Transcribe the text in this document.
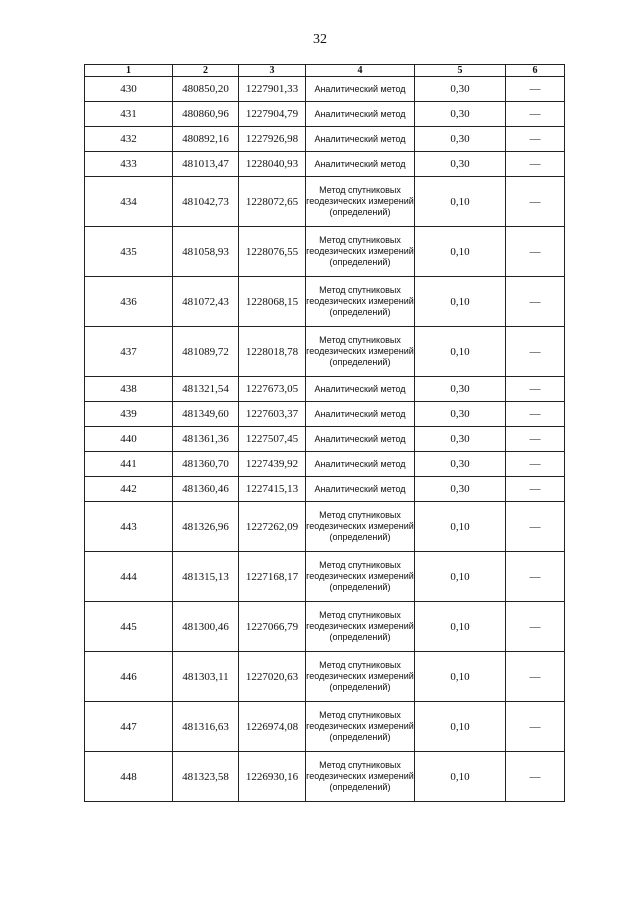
32
1	2	3	4	5	6
430	480850,20	1227901,33	Аналитический метод	0,30	—
431	480860,96	1227904,79	Аналитический метод	0,30	—
432	480892,16	1227926,98	Аналитический метод	0,30	—
433	481013,47	1228040,93	Аналитический метод	0,30	—
434	481042,73	1228072,65	Метод спутниковых геодезических измерений (определений)	0,10	—
435	481058,93	1228076,55	Метод спутниковых геодезических измерений (определений)	0,10	—
436	481072,43	1228068,15	Метод спутниковых геодезических измерений (определений)	0,10	—
437	481089,72	1228018,78	Метод спутниковых геодезических измерений (определений)	0,10	—
438	481321,54	1227673,05	Аналитический метод	0,30	—
439	481349,60	1227603,37	Аналитический метод	0,30	—
440	481361,36	1227507,45	Аналитический метод	0,30	—
441	481360,70	1227439,92	Аналитический метод	0,30	—
442	481360,46	1227415,13	Аналитический метод	0,30	—
443	481326,96	1227262,09	Метод спутниковых геодезических измерений (определений)	0,10	—
444	481315,13	1227168,17	Метод спутниковых геодезических измерений (определений)	0,10	—
445	481300,46	1227066,79	Метод спутниковых геодезических измерений (определений)	0,10	—
446	481303,11	1227020,63	Метод спутниковых геодезических измерений (определений)	0,10	—
447	481316,63	1226974,08	Метод спутниковых геодезических измерений (определений)	0,10	—
448	481323,58	1226930,16	Метод спутниковых геодезических измерений (определений)	0,10	—
